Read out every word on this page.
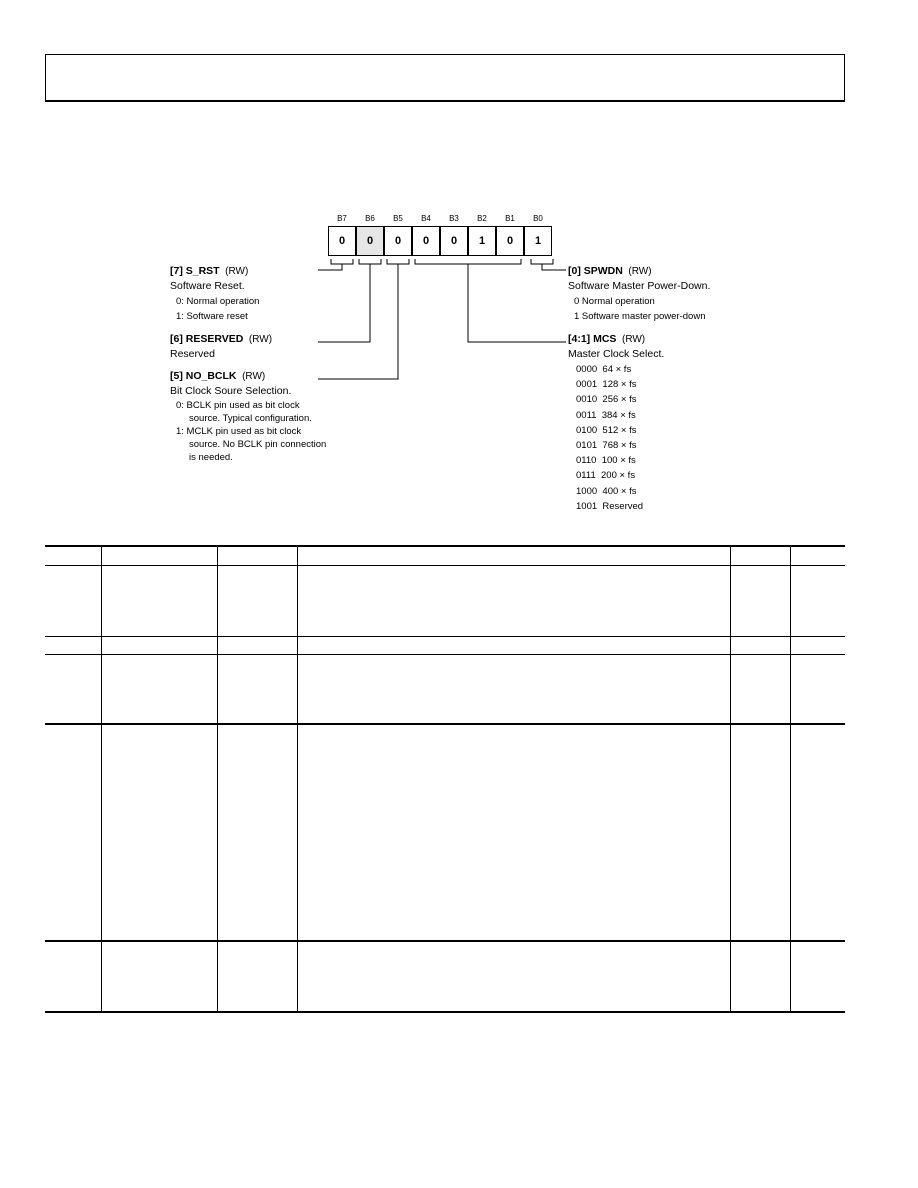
B7	B6	B5	B4	B3	B2	B1	B0
0	0	0	0	0	1	0	1
[7] S_RST (RW)
Software Reset.
0: Normal operation
1: Software reset
[6] RESERVED (RW)
Reserved
[5] NO_BCLK (RW)
Bit Clock Soure Selection.
0: BCLK pin used as bit clock
source. Typical configuration.
1: MCLK pin used as bit clock
source. No BCLK pin connection
is needed.
[0] SPWDN (RW)
Software Master Power-Down.
0 Normal operation
1 Software master power-down
[4:1] MCS (RW)
Master Clock Select.
0000  64 × fs
0001  128 × fs
0010  256 × fs
0011  384 × fs
0100  512 × fs
0101  768 × fs
0110  100 × fs
0111  200 × fs
1000  400 × fs
1001  Reserved
